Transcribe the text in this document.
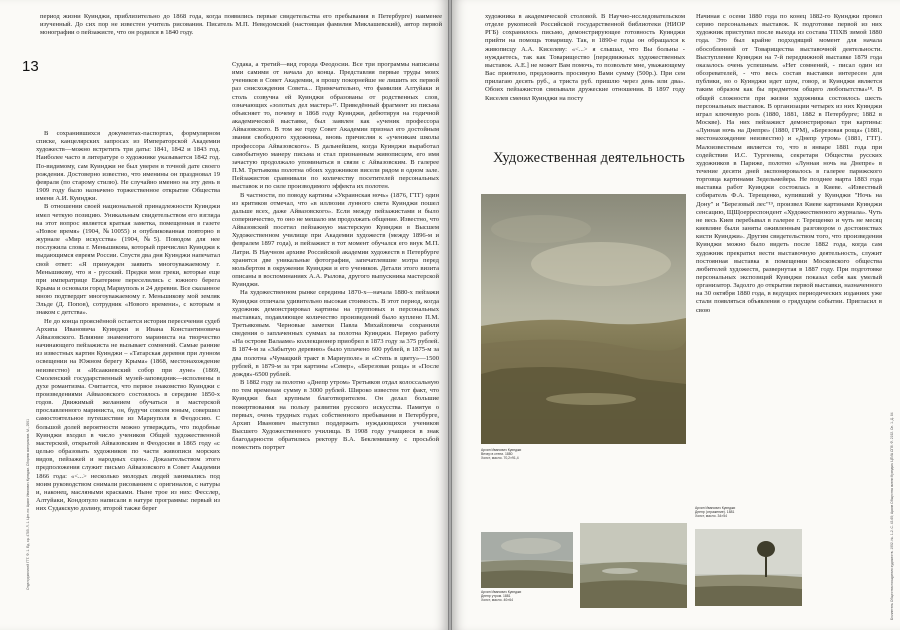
период жизни Куинджи, приблизительно до 1868 года, когда появились первые свидетельства его пребывания в Петербурге) наименее изученный. До сих пор не известен учитель рисования. Писатель М.П. Неведомский (настоящая фамилия Миклашевский), автор первой монографии о пейзажисте, что он родился в 1840 году.

13

В сохранившихся документах-паспортах, формулярном списке, канцелярских запросах из Императорской Академии художеств—можно встретить три даты: 1841, 1842 и 1843 год. Наиболее часто в литературе о художнике указывается 1842 год. По-видимому, сам Куинджи не был уверен в точной дате своего рождения. Достоверно известно, что именины он праздновал 19 февраля (по старому стилю). Не случайно именно на эту день в 1909 году было назначено торжественное открытие Общества имени А.И. Куинджи.

В отношении своей национальной принадлежности Куинджи имел четкую позицию. Уникальным свидетельством его взгляда на этот вопрос является краткая заметка, помещенная в газете «Новое время» (1904, №10055) и опубликованная повторно в журнале «Мир искусства» (1904, №5). Поводом для нее послужила слова г. Меньшикова, который причислил Куинджи к выдающимся евреям России. Спустя два дня Куинджи напечатал свой ответ: «Я принужден заявить многоуважаемому г. Меньшикову, что я - русский. Предки мои греки, которые еще при императрице Екатерине переселились с южного берега Крыма и основали город Мариуполь и 24 деревни. Все сказанное мною подтвердит многоуважаемому г. Меньшикову мой земляк Эльде (Д. Попов), сотрудник «Нового времени», с которым я знаком с детства».

Не до конца прояснённой остается история пересечения судеб Архипа Ивановича Куинджи и Ивана Константиновича Айвазовского. Влияние знаменитого мариниста на творчество начинающего пейзажиста не вызывает сомнений. Самые ранние из известных картин Куинджи – «Татарская деревня при лунном освещении на Южном берегу Крыма» (1868, местонахождение неизвестно) и «Исаакиевский собор при луне» (1869, Смоленский государственный музей-заповедник—исполнены в духе романтизма. Считается, что первое знакомство Куинджи с произведениями Айвазовского состоялось в середине 1850-х годов. Движимый желанием обучаться в мастерской прославленного мариниста, он, будучи совсем юным, совершил самостоятельное путешествие из Мариуполя в Феодосию. С большой долей вероятности можно утверждать, что подобные Куинджи входил в число учеников Общей художественной мастерской, открытой Айвазовским в Феодосии в 1865 году «с целью образовать художников по части живописи морских видов, пейзажей и народных сцен». Доказательством этого предположения служит письмо Айвазовского в Совет Академии 1866 года: «<...> несколько молодых людей занимались под моим руководством снимали рисованием с оригиналов, с натуры и, наконец, масляными красками. Ныне трое из них: Фесслер, Алтуйаки, Кондопуло написали в натуре программы: первый из них Судакскую долину, второй также берег

Судака, а третий—вид города Феодосии. Все три программы написаны ими самими от начала до конца. Представляя первые труды моих учеников в Совет Академии, я прошу покорнейше не лишить их первой раз снисхождения Совета... Примечательно, что фамилия Алтуйаки и столь созвучна ей Куинджи образованы от родственных слов, означающих «золотых дел мастер»¹⁷. Приведённый фрагмент из письма объясняет то, почему в 1868 году Куинджи, дебютируя на годичной академической выставке, был заявлен как «ученик профессора Айвазовского. В том же году Совет Академии признал его достойным звания свободного художника, вновь причисляя к «ученикам школы профессора Айвазовского». В дальнейшем, когда Куинджи выработал самобытную манеру письма и стал признанным живописцем, его имя зачастую продолжало упоминаться в связи с Айвазовским. В галерее П.М. Третьякова полотна обоих художников висели рядом в одном зале. Пейзажистов сравнивали по количеству посетителей персональных выставок и по силе производимого эффекта их полотен.

В частности, по поводу картины «Украинская ночь» (1876, ГТГ) один из критиков отмечал, что «в иллюзии лунного света Куинджи пошел дальше всех, даже Айвазовского». Если между пейзажистами и было соперничество, то оно не мешало им продолжать общение. Известно, что Айвазовский посетил пейзажную мастерскую Куинджи в Высшем Художественном училище при Академии художеств (между 1896-м и февралем 1897 года), и пейзажист в тот момент обучался его внук М.П. Латри. В Научном архиве Российской академии художеств в Петербурге хранятся две уникальные фотографии, запечатлевшие мэтра перед мольбертом в окружении Куинджи и его учеников. Детали этого визита описаны в воспоминаниях А.А. Рылова, другого выпускника мастерской Куинджи.

На художественном рынке середины 1870-х—начала 1880-х пейзажи Куинджи отличала удивительно высокая стоимость. В этот период, когда художник демонстрировал картины на групповых и персональных выставках, подавляющее количество произведений было куплено П.М. Третьяковым. Черновые заметки Павла Михайловича сохранили сведения о заплаченных суммах за полотна Куинджи. Первую работу «На острове Валааме» коллекционер приобрел в 1873 году за 375 рублей. В 1874-м за «Забытую деревню» было уплачено 600 рублей, в 1875-м за два полотна «Чумацкий тракт в Мариуполе» и «Степь в цвету»—1500 рублей, в 1879-м за три картины «Север», «Березовая роща» и «После дождя»-6500 рублей.

В 1882 году за полотно «Днепр утром» Третьяков отдал колоссальную по тем временам сумму в 3000 рублей. Широко известен тот факт, что Куинджи был крупным благотворителем. Он делал большие пожертвования на пользу развития русского искусства. Памятуя о первых, очень трудных годах собственного пребывания в Петербурге, Архип Иванович выступил поддержать нуждающихся учеников Высшего Художественного училища. В 1908 году учащиеся в знак благодарности обратились ректору В.А. Беклемишеву с просьбой поместить портрет

Отдел рукописей ГТГ. Ф. 1. Ед. хр. 4785. Л. 1. Цит. по: Архип Иванович Куинджи. Сборник материалов. М., 2001

художника в академической столовой. В Научно-исследовательском отделе рукописей Российской государственной библиотеки (НИОР РГБ) сохранилось письмо, демонстрирующее готовность Куинджи прийти на помощь товарищу. Так, в 1890-е годы он обращался к живописцу А.А. Киселеву: «<...> я слышал, что Вы больны - нуждаетесь, так как Товарищество [передвижных художественных выставок. А.Е.] не может Вам помочь, то позвольте мне, уважающему Вас приятелю, предложить просимую Вами сумму (500р.). При сем прилагаю десять руб., а триста руб. пришлю через день или два». Обоих пейзажистов связывали дружеские отношения. В 1897 году Киселев сменил Куинджи на посту

Начиная с осени 1880 года по конец 1882-го Куинджи провел серию персональных выставок. К подготовке первой из них художник приступил после выхода из состава ТПХВ зимой 1880 года. Это был крайне подходящий момент для начала обособленной от Товарищества выставочной деятельности. Выступление Куинджи на 7-й передвижной выставке 1879 года оказалось очень успешным. «Нет сомнений, - писал один из обозревателей, - что весь состав выставки интересен для публики, но о Куинджи идет шум, говор, и Куинджи является таким образом как бы предметом общего любопытства»¹⁸. В общей сложности при жизни художника состоялось шесть персональных выставок. В организации четырех из них Куинджи играл ключевую роль (1880, 1881, 1882 в Петербурге; 1882 в Москве). На них пейзажист демонстрировал три картины: «Лунная ночь на Днепре» (1880, ГРМ), «Березовая роща» (1881, местонахождение неизвестно) и «Днепр утром» (1881, ГТГ). Малоизвестным является то, что в январе 1881 года при содействии И.С. Тургенева, секретаря Общества русских художников в Париже, полотно «Лунная ночь на Днепре» в течение десяти дней экспонировалось в галерее парижского торговца картинами Зедельмейера. Не позднее марта 1883 года выставка работ Куинджи состоялась в Киеве. «Известный собиратель Ф.А. Терещенко, купивший у Куинджи "Ночь на Дону" и "Березовый лес"¹⁹, произвел Киеве картинами Куинджи сенсацию, ЩЩоерреспондент «Художественного журнала». Чуть не весь Киев перебывал в галерее г. Терещенко и чуть не месяц киевляне были заняты оживленным разговором о достоинствах кисти Куинджи». Другим свидетельством того, что произведения Куинджи можно было видеть после 1882 года, когда сам художник прекратил вести выставочную деятельность, служит постоянная выставка в помещении Московского общества любителей художеств, развернутая в 1887 году. При подготовке персональных экспозиций Куинджи показал себя как умелый организатор. Задолго до открытия первой выставки, назначенного на 30 октября 1880 года, в ведущих периодических изданиях уже стали появляться объявления о грядущем событии. Пригласил в свою

Архип Иванович Куинджи
Вечер в степи. 1880
Холст, масло. 70,2×91,4
Архип Иванович Куинджи
Днепр утром. 1881
Холст, масло. 40×64
Архип Иванович Куинджи
Днепр (отражение). 1881
Холст, масло. 34×54	Бюллетень Общества поощрения художеств. 1902. №. 1-2. С. 43-60; Архив Общества имени Куинджи. ЦГИА СПб. Ф. 2192. Оп. 1. Д. 84
Художественная деятельность
